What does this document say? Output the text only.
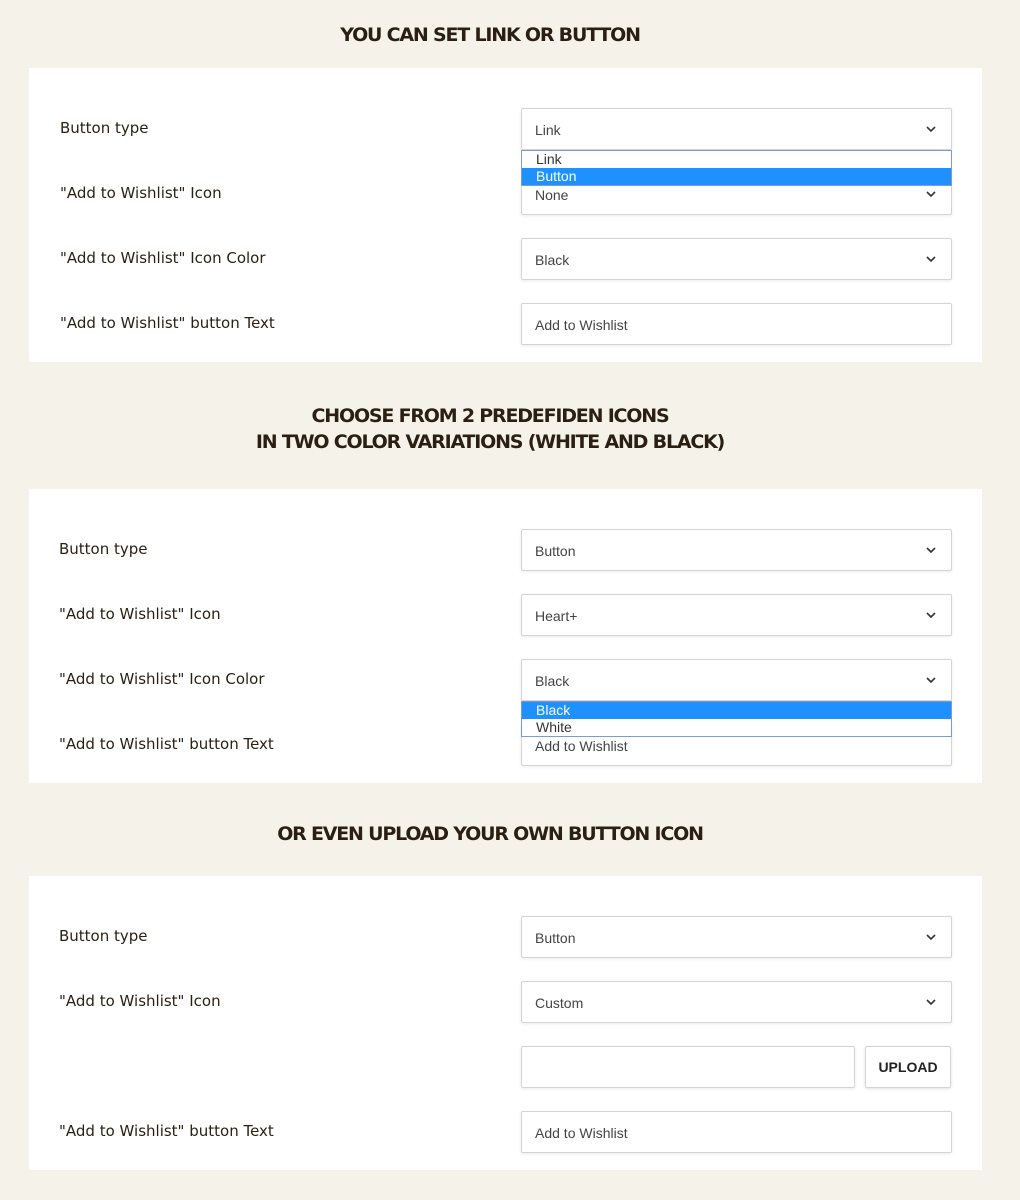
YOU CAN SET LINK OR BUTTON
Button type	Link
"Add to Wishlist" Icon	None
Link
Button
"Add to Wishlist" Icon Color	Black
"Add to Wishlist" button Text	Add to Wishlist
CHOOSE FROM 2 PREDEFIDEN ICONS
IN TWO COLOR VARIATIONS (WHITE AND BLACK)
Button type	Button
"Add to Wishlist" Icon	Heart+
"Add to Wishlist" Icon Color	Black
"Add to Wishlist" button Text	Add to Wishlist
Black
White
OR EVEN UPLOAD YOUR OWN BUTTON ICON
Button type	Button
"Add to Wishlist" Icon	Custom
UPLOAD
"Add to Wishlist" button Text	Add to Wishlist
